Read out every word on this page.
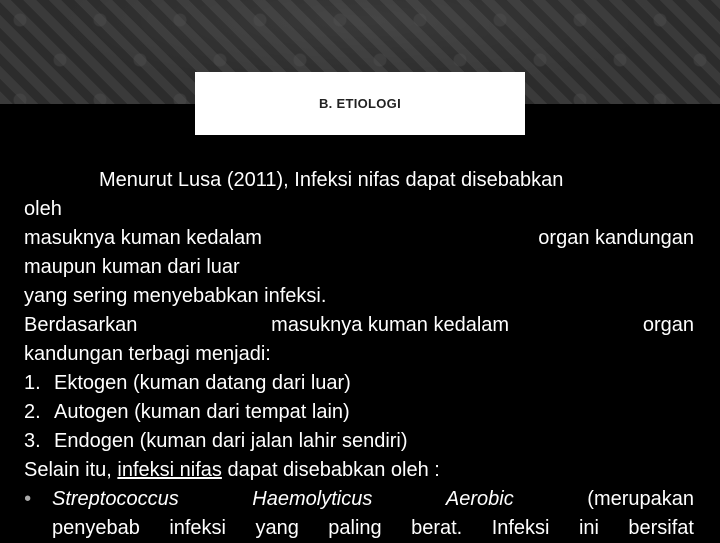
B. ETIOLOGI
Menurut Lusa (2011), Infeksi nifas dapat disebabkan
oleh
masuknya kuman kedalam	organ kandungan
maupun kuman dari luar
yang sering menyebabkan infeksi.
Berdasarkan	masuknya kuman kedalam	organ
kandungan terbagi menjadi:
1. Ektogen (kuman datang dari luar)
2. Autogen (kuman dari tempat lain)
3. Endogen (kuman dari jalan lahir sendiri)
Selain itu, infeksi nifas dapat disebabkan oleh :
• Streptococcus	Haemolyticus	Aerobic	(merupakan
penyebab infeksi yang paling berat. Infeksi ini bersifat
